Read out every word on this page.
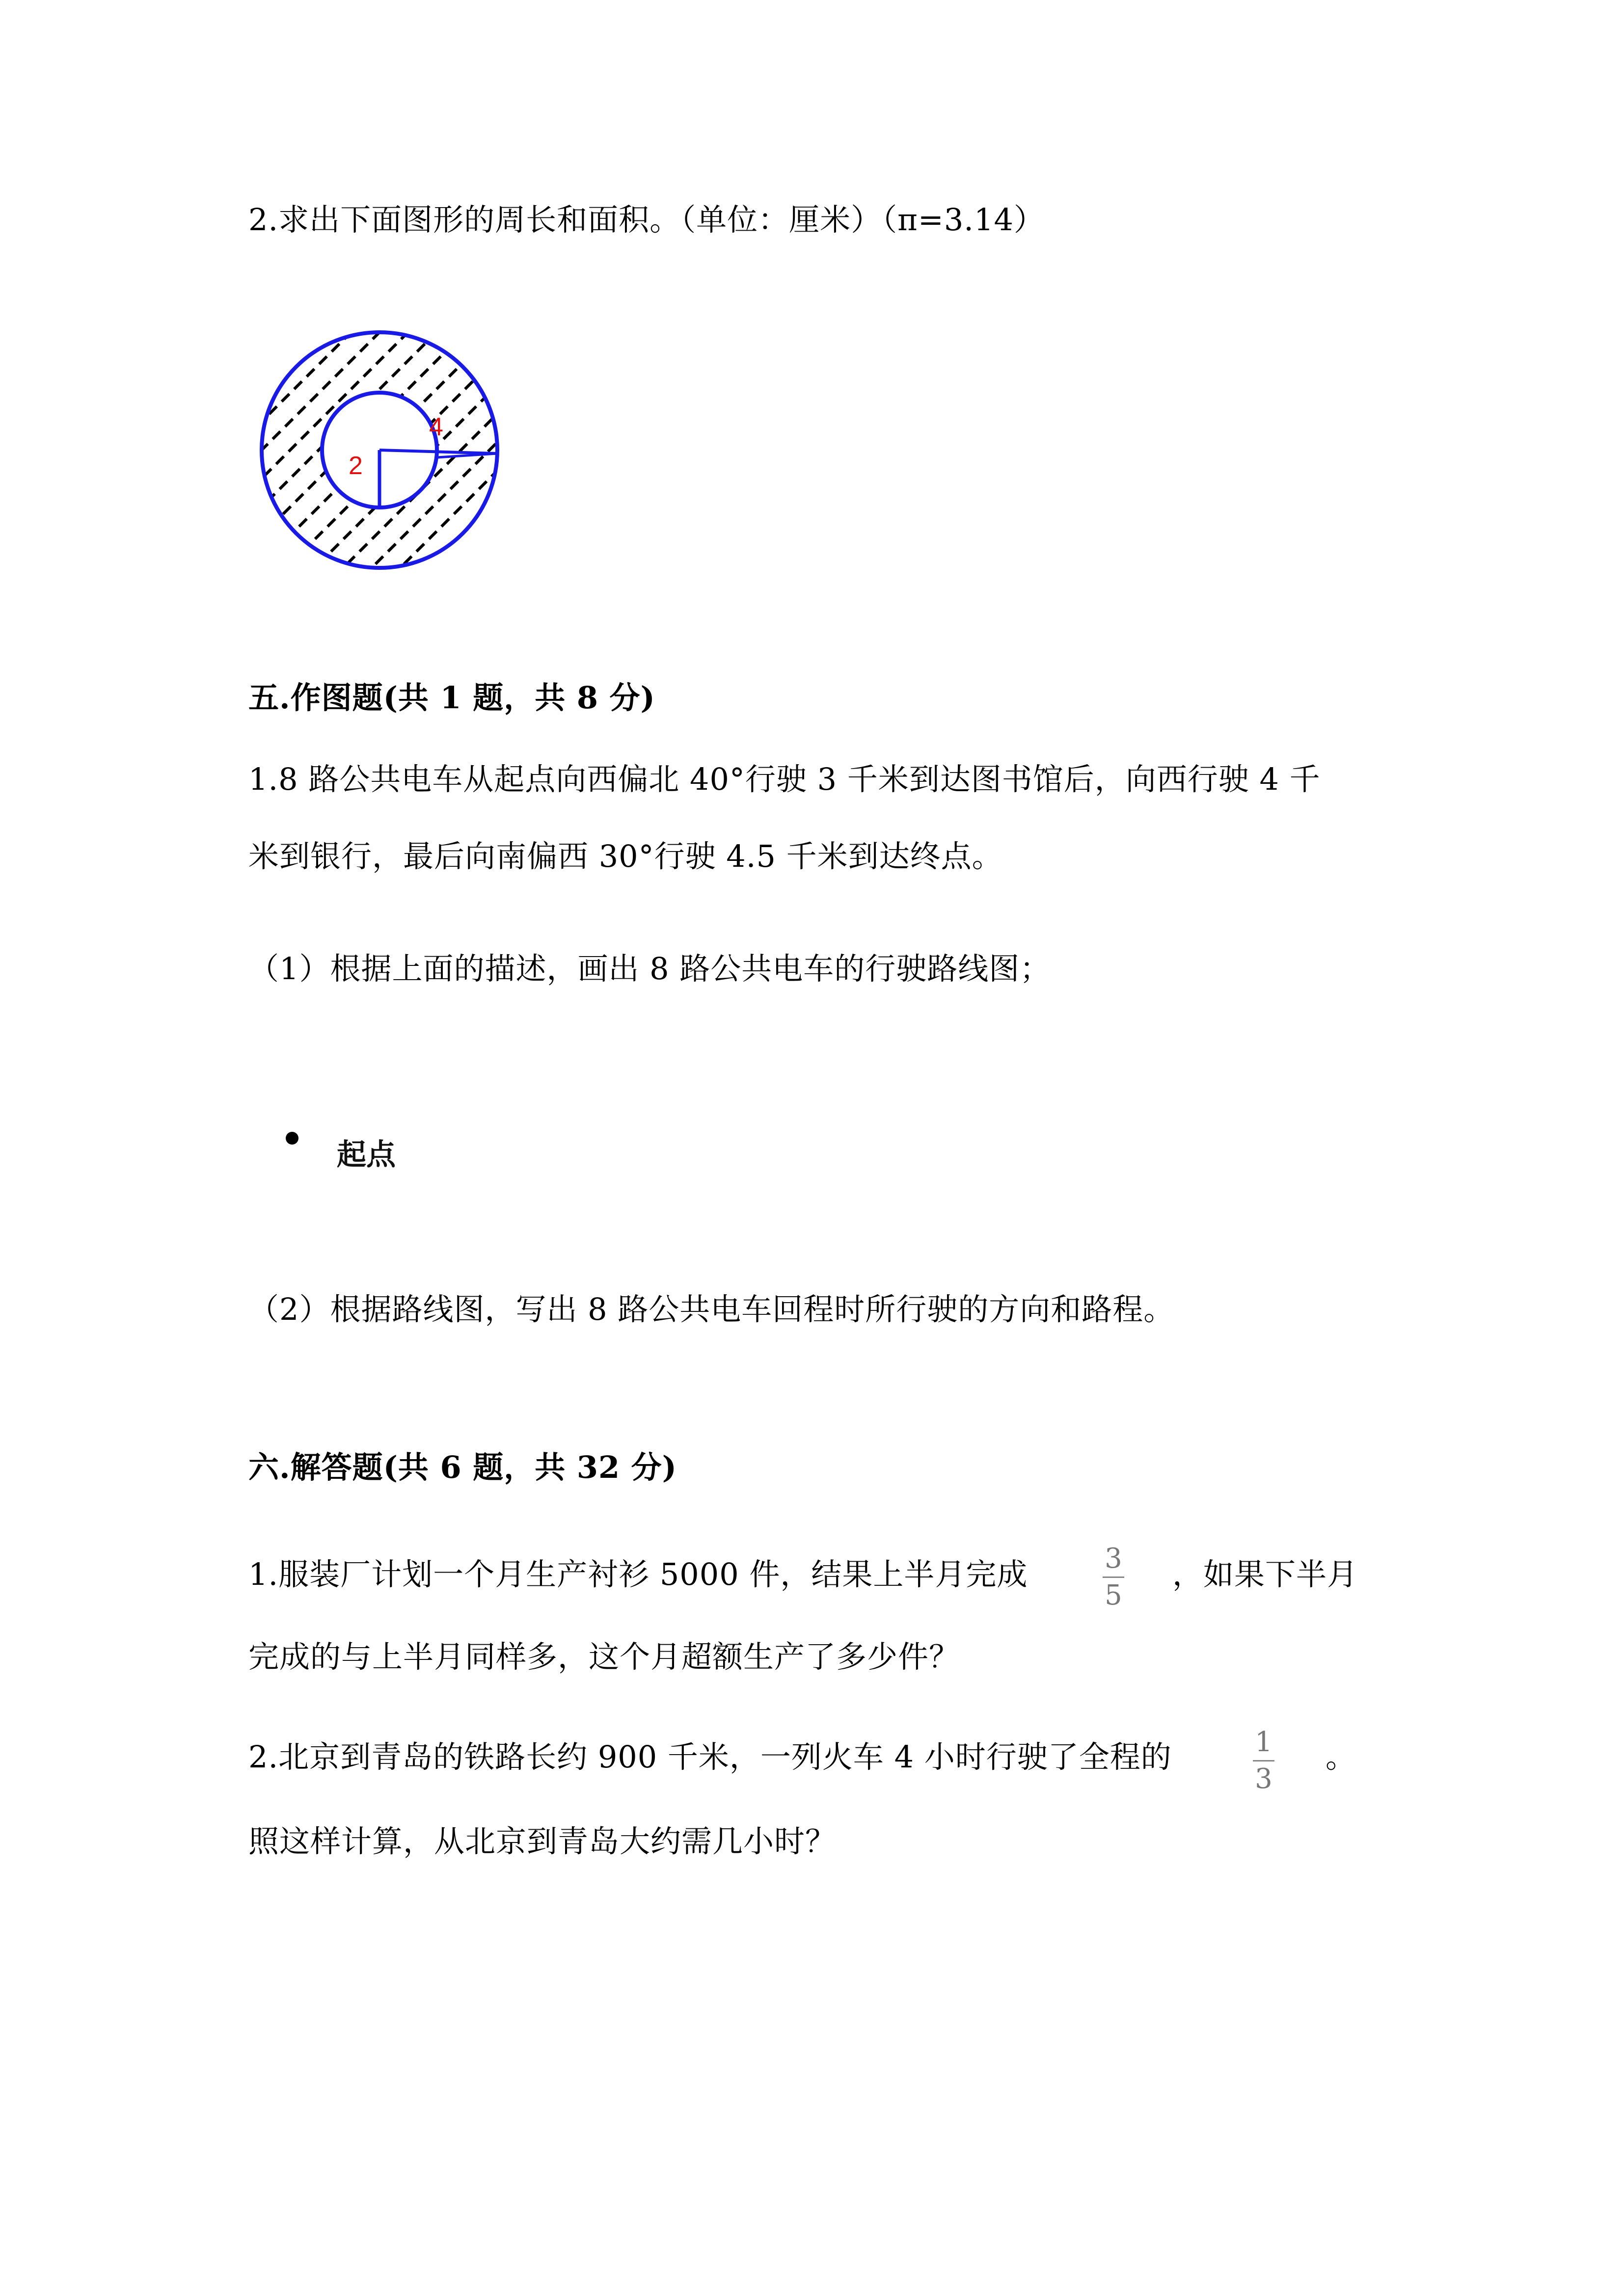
2.求出下面图形的周长和面积。（单位：厘米）（π=3.14）
2
4
五.作图题(共 1 题，共 8 分)
1.8 路公共电车从起点向西偏北 40°行驶 3 千米到达图书馆后，向西行驶 4 千
米到银行，最后向南偏西 30°行驶 4.5 千米到达终点。
（1）根据上面的描述，画出 8 路公共电车的行驶路线图；
起点
（2）根据路线图，写出 8 路公共电车回程时所行驶的方向和路程。
六.解答题(共 6 题，共 32 分)
1.服装厂计划一个月生产衬衫 5000 件，结果上半月完成	3
5
，如果下半月
完成的与上半月同样多，这个月超额生产了多少件？
2.北京到青岛的铁路长约 900 千米，一列火车 4 小时行驶了全程的	1
3
。
照这样计算，从北京到青岛大约需几小时？
